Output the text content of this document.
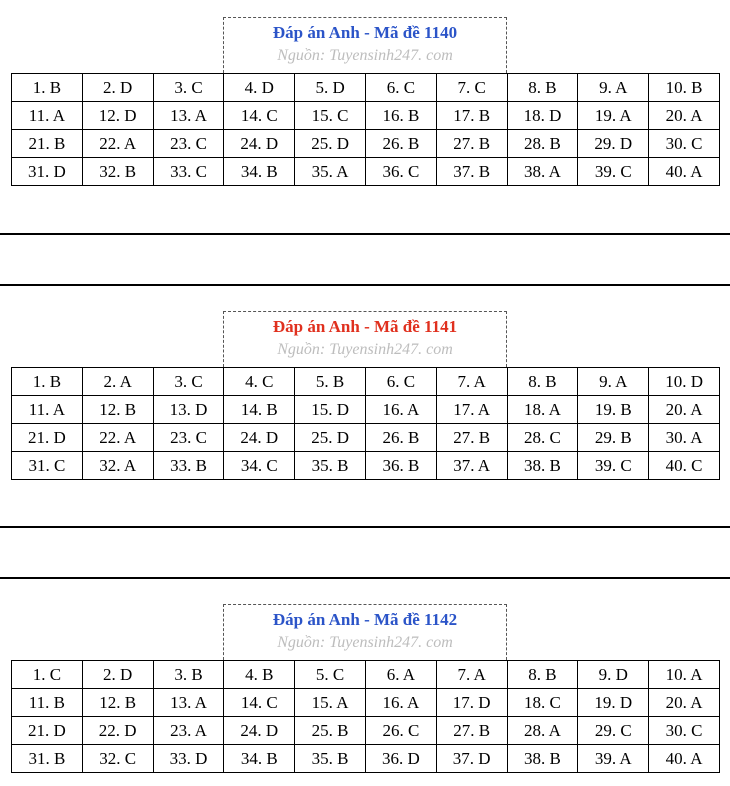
Đáp án Anh - Mã đề 1140
Nguồn: Tuyensinh247. com
1. B	2. D	3. C	4. D	5. D	6. C	7. C	8. B	9. A	10. B
11. A	12. D	13. A	14. C	15. C	16. B	17. B	18. D	19. A	20. A
21. B	22. A	23. C	24. D	25. D	26. B	27. B	28. B	29. D	30. C
31. D	32. B	33. C	34. B	35. A	36. C	37. B	38. A	39. C	40. A
Đáp án Anh - Mã đề 1141
Nguồn: Tuyensinh247. com
1. B	2. A	3. C	4. C	5. B	6. C	7. A	8. B	9. A	10. D
11. A	12. B	13. D	14. B	15. D	16. A	17. A	18. A	19. B	20. A
21. D	22. A	23. C	24. D	25. D	26. B	27. B	28. C	29. B	30. A
31. C	32. A	33. B	34. C	35. B	36. B	37. A	38. B	39. C	40. C
Đáp án Anh - Mã đề 1142
Nguồn: Tuyensinh247. com
1. C	2. D	3. B	4. B	5. C	6. A	7. A	8. B	9. D	10. A
11. B	12. B	13. A	14. C	15. A	16. A	17. D	18. C	19. D	20. A
21. D	22. D	23. A	24. D	25. B	26. C	27. B	28. A	29. C	30. C
31. B	32. C	33. D	34. B	35. B	36. D	37. D	38. B	39. A	40. A
